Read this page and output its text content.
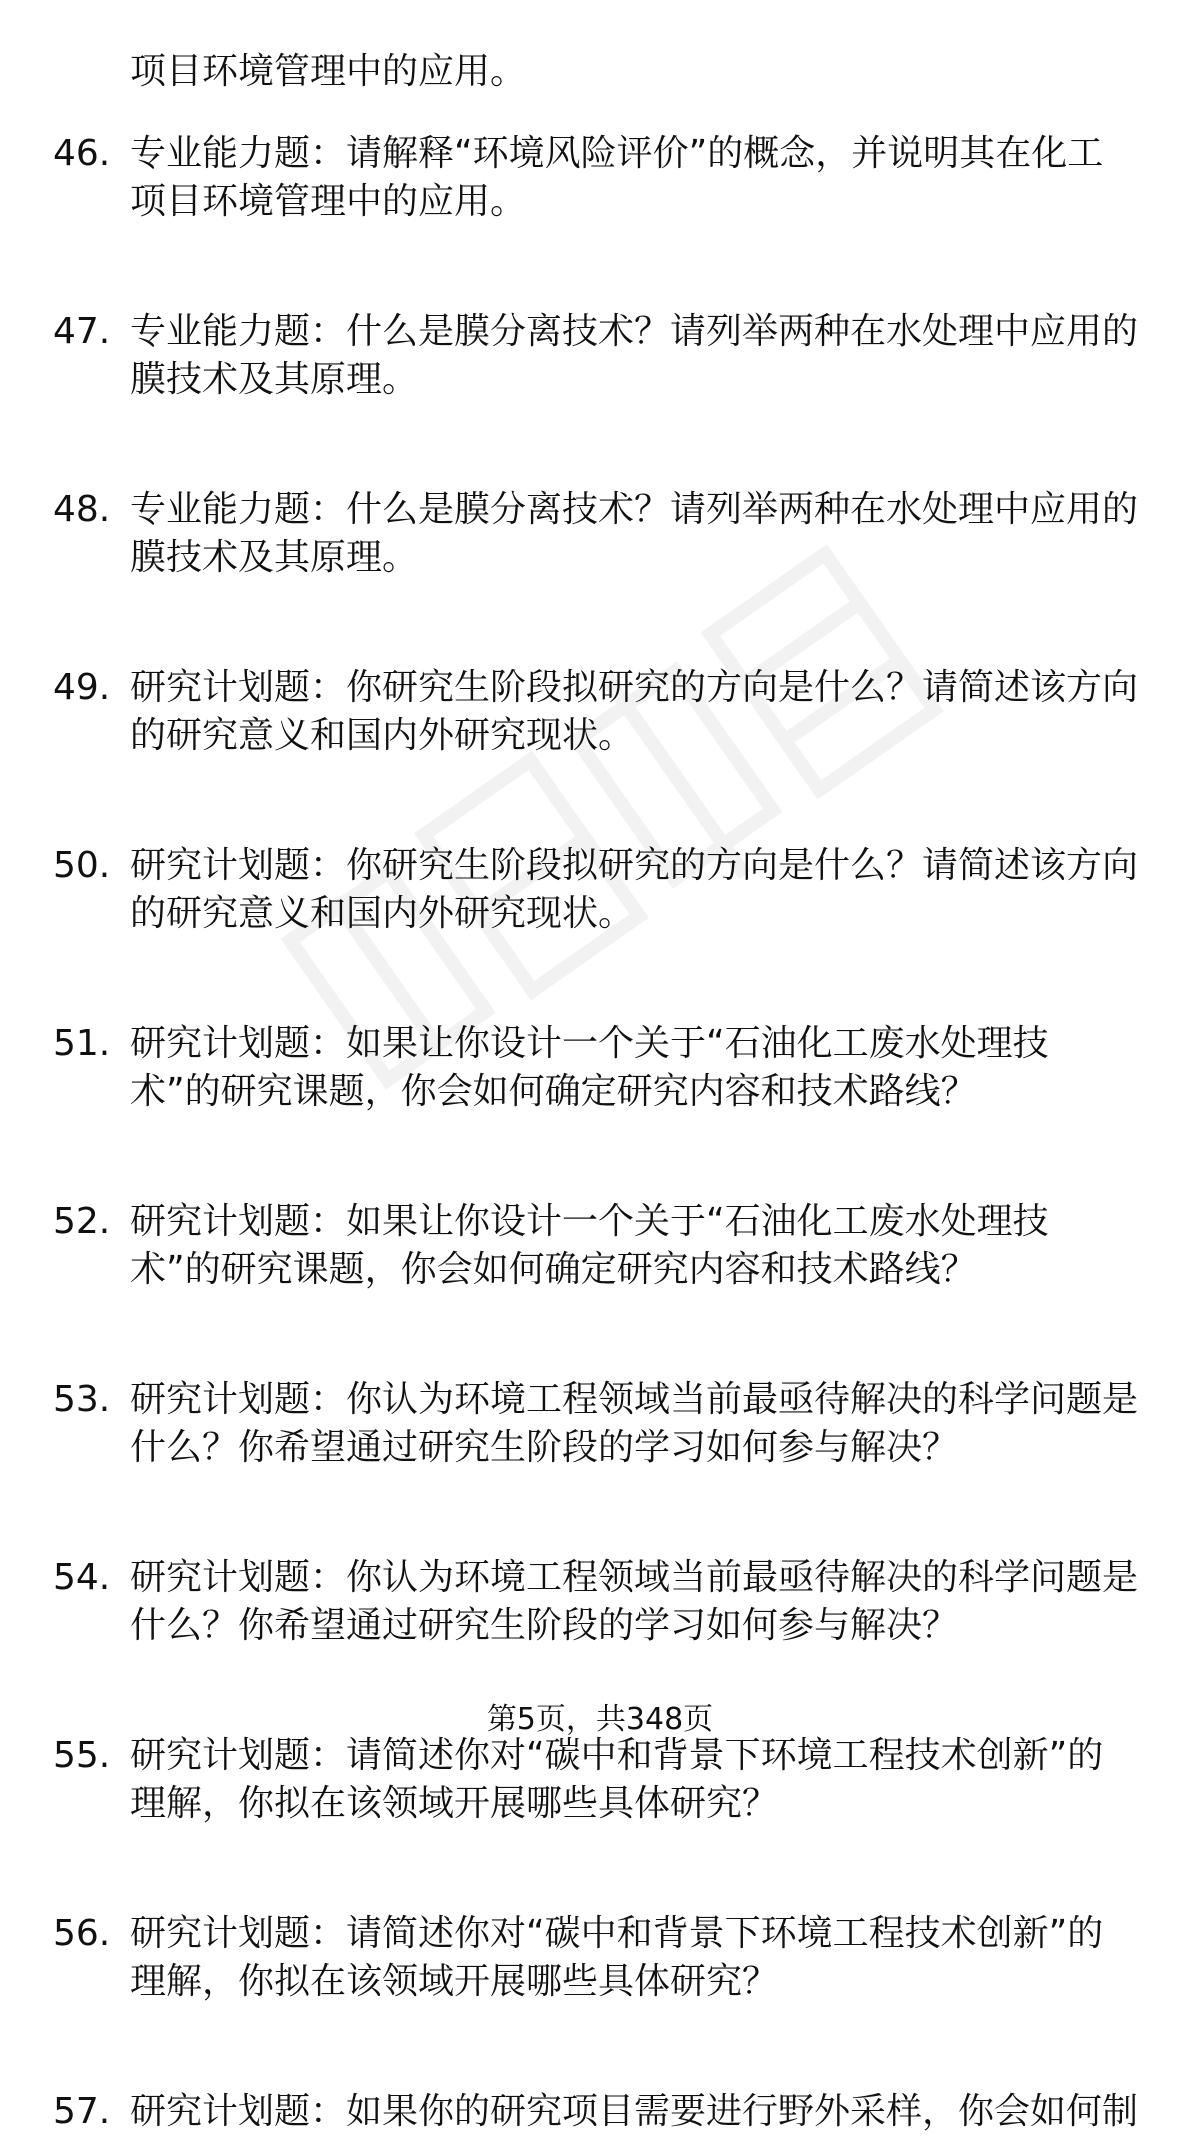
项目环境管理中的应用。
46. 专业能力题：请解释“环境风险评价”的概念，并说明其在化工
项目环境管理中的应用。
47. 专业能力题：什么是膜分离技术？请列举两种在水处理中应用的
膜技术及其原理。
48. 专业能力题：什么是膜分离技术？请列举两种在水处理中应用的
膜技术及其原理。
49. 研究计划题：你研究生阶段拟研究的方向是什么？请简述该方向
的研究意义和国内外研究现状。
50. 研究计划题：你研究生阶段拟研究的方向是什么？请简述该方向
的研究意义和国内外研究现状。
51. 研究计划题：如果让你设计一个关于“石油化工废水处理技
术”的研究课题，你会如何确定研究内容和技术路线？
52. 研究计划题：如果让你设计一个关于“石油化工废水处理技
术”的研究课题，你会如何确定研究内容和技术路线？
53. 研究计划题：你认为环境工程领域当前最亟待解决的科学问题是
什么？你希望通过研究生阶段的学习如何参与解决？
54. 研究计划题：你认为环境工程领域当前最亟待解决的科学问题是
什么？你希望通过研究生阶段的学习如何参与解决？
55. 研究计划题：请简述你对“碳中和背景下环境工程技术创新”的
理解，你拟在该领域开展哪些具体研究？
56. 研究计划题：请简述你对“碳中和背景下环境工程技术创新”的
理解，你拟在该领域开展哪些具体研究？
57. 研究计划题：如果你的研究项目需要进行野外采样，你会如何制
第5页，共348页
